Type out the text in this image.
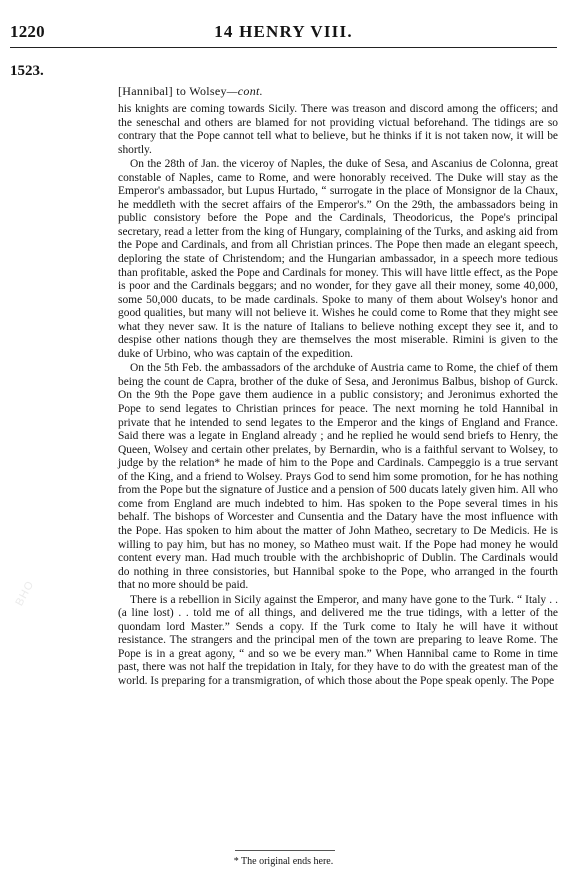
1220	14 HENRY VIII.
1523.
[Hannibal] to Wolsey—cont.

his knights are coming towards Sicily. There was treason and discord among the officers; and the seneschal and others are blamed for not providing victual beforehand. The tidings are so contrary that the Pope cannot tell what to believe, but he thinks if it is not taken now, it will be shortly.

On the 28th of Jan. the viceroy of Naples, the duke of Sesa, and Ascanius de Colonna, great constable of Naples, came to Rome, and were honorably received. The Duke will stay as the Emperor's ambassador, but Lupus Hurtado, “ surrogate in the place of Monsignor de la Chaux, he meddleth with the secret affairs of the Emperor's.” On the 29th, the ambassadors being in public consistory before the Pope and the Cardinals, Theodoricus, the Pope's principal secretary, read a letter from the king of Hungary, complaining of the Turks, and asking aid from the Pope and Cardinals, and from all Christian princes. The Pope then made an elegant speech, deploring the state of Christendom; and the Hungarian ambassador, in a speech more tedious than profitable, asked the Pope and Cardinals for money. This will have little effect, as the Pope is poor and the Cardinals beggars; and no wonder, for they gave all their money, some 40,000, some 50,000 ducats, to be made cardinals. Spoke to many of them about Wolsey's honor and good qualities, but many will not believe it. Wishes he could come to Rome that they might see what they never saw. It is the nature of Italians to believe nothing except they see it, and to despise other nations though they are themselves the most miserable. Rimini is given to the duke of Urbino, who was captain of the expedition.

On the 5th Feb. the ambassadors of the archduke of Austria came to Rome, the chief of them being the count de Capra, brother of the duke of Sesa, and Jeronimus Balbus, bishop of Gurck. On the 9th the Pope gave them audience in a public consistory; and Jeronimus exhorted the Pope to send legates to Christian princes for peace. The next morning he told Hannibal in private that he intended to send legates to the Emperor and the kings of England and France. Said there was a legate in England already ; and he replied he would send briefs to Henry, the Queen, Wolsey and certain other prelates, by Bernardin, who is a faithful servant to Wolsey, to judge by the relation* he made of him to the Pope and Cardinals. Campeggio is a true servant of the King, and a friend to Wolsey. Prays God to send him some promotion, for he has nothing from the Pope but the signature of Justice and a pension of 500 ducats lately given him. All who come from England are much indebted to him. Has spoken to the Pope several times in his behalf. The bishops of Worcester and Cunsentia and the Datary have the most influence with the Pope. Has spoken to him about the matter of John Matheo, secretary to De Medicis. He is willing to pay him, but has no money, so Matheo must wait. If the Pope had money he would content every man. Had much trouble with the archbishopric of Dublin. The Cardinals would do nothing in three consistories, but Hannibal spoke to the Pope, who arranged in the fourth that no more should be paid.

There is a rebellion in Sicily against the Emperor, and many have gone to the Turk. “ Italy . . (a line lost) . . told me of all things, and delivered me the true tidings, with a letter of the quondam lord Master.” Sends a copy. If the Turk come to Italy he will have it without resistance. The strangers and the principal men of the town are preparing to leave Rome. The Pope is in a great agony, “ and so we be every man.” When Hannibal came to Rome in time past, there was not half the trepidation in Italy, for they have to do with the greatest man of the world. Is preparing for a transmigration, of which those about the Pope speak openly. The Pope

* The original ends here.
BHO
